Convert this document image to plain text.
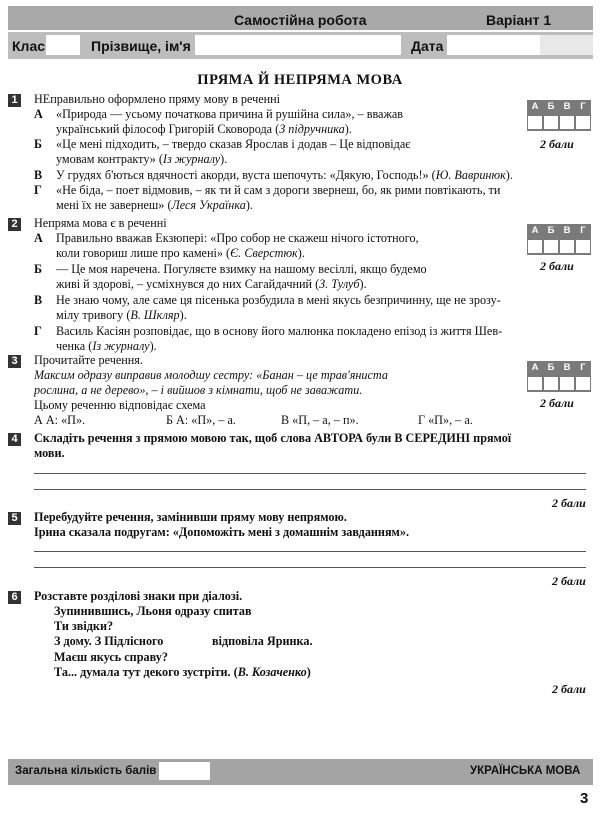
Самостійна робота	Варіант 1
Клас	Прізвище, ім'я	Дата
ПРЯМА Й НЕПРЯМА МОВА
1 НЕправильно оформлено пряму мову в реченні
А «Природа — усьому початкова причина й рушійна сила», – вважав
український філософ Григорій Сковорода (З підручника).
Б «Це мені підходить, – твердо сказав Ярослав і додав – Це відповідає
умовам контракту» (Із журналу).
В У грудях б'ються вдячності акорди, вуста шепочуть: «Дякую, Господь!» (Ю. Вавринюк).
Г «Не біда, – поет відмовив, – як ти й сам з дороги звернеш, бо, як рими повтікають, ти
мені їх не завернеш» (Леся Українка).
А Б В	Г
2 бали
2 Непряма мова є в реченні
А Правильно вважав Екзюпері: «Про собор не скажеш нічого істотного,
коли говориш лише про камені» (Є. Сверстюк).
Б — Це моя наречена. Погуляєте взимку на нашому весіллі, якщо будемо
живі й здорові, – усміхнувся до них Сагайдачний (З. Тулуб).
В Не знаю чому, але саме ця пісенька розбудила в мені якусь безпричинну, ще не зрозу-
мілу тривогу (В. Шкляр).
Г Василь Касіян розповідає, що в основу його малюнка покладено епізод із життя Шев-
ченка (Із журналу).
А Б В	Г
2 бали
3 Прочитайте речення.
Максим одразу виправив молодшу сестру: «Банан – це трав'яниста
рослина, а не дерево», – і вийшов з кімнати, щоб не заважати.
Цьому реченню відповідає схема
А А: «П».	Б А: «П», – а.	В «П, – а, – п».	Г «П», – а.
А Б В	Г
2 бали
4 Складіть речення з прямою мовою так, щоб слова АВТОРА були В СЕРЕДИНІ прямої
мови.
2 бали
5 Перебудуйте речення, замінивши пряму мову непрямою.
Ірина сказала подругам: «Допоможіть мені з домашнім завданням».
2 бали
6 Розставте розділові знаки при діалозі.
Зупинившись, Льоня одразу спитав
Ти звідки?
З дому. З Підлісного	відповіла Яринка.
Маєш якусь справу?
Та... думала тут декого зустріти. (В. Козаченко)
2 бали
Загальна кількість балів	УКРАЇНСЬКА МОВА
3
